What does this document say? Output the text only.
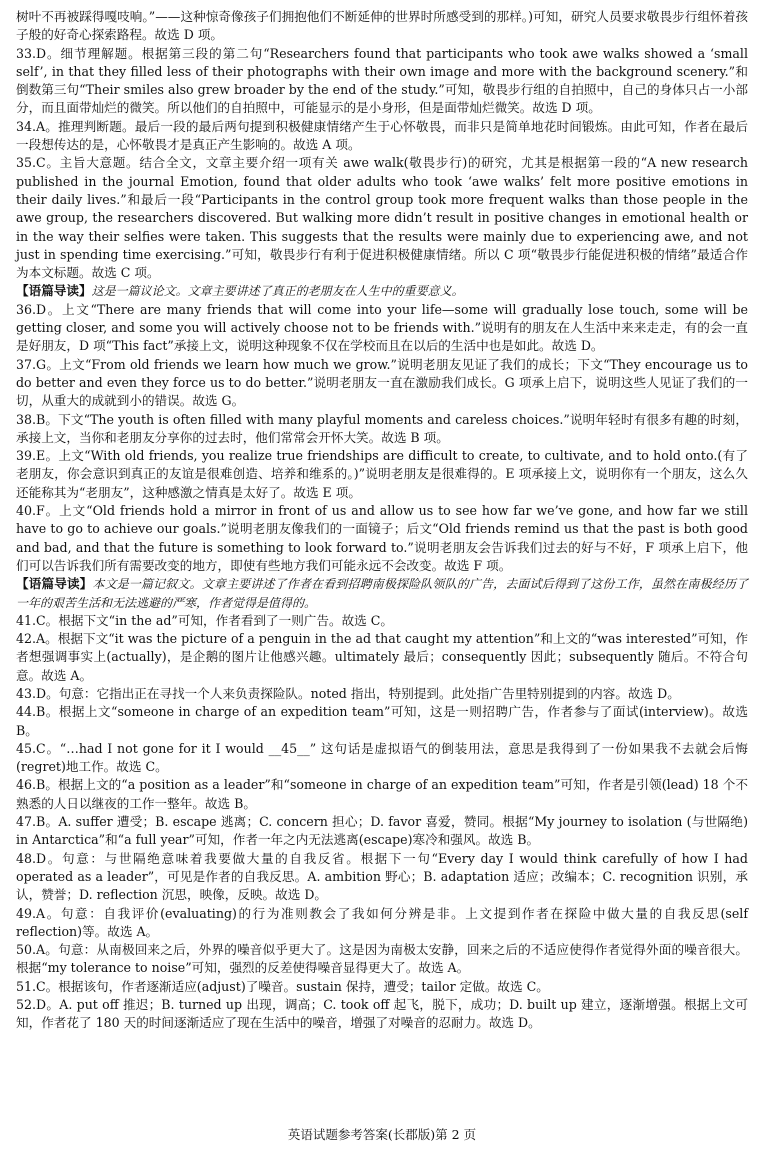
树叶不再被踩得嘎吱响。”——这种惊奇像孩子们拥抱他们不断延伸的世界时所感受到的那样。)可知，研究人员要求敬畏步行组怀着孩子般的好奇心探索路程。故选 D 项。

33.D。细节理解题。根据第三段的第二句“Researchers found that participants who took awe walks showed a ‘small self’, in that they filled less of their photographs with their own image and more with the background scenery.”和倒数第三句“Their smiles also grew broader by the end of the study.”可知，敬畏步行组的自拍照中，自己的身体只占一小部分，而且面带灿烂的微笑。所以他们的自拍照中，可能显示的是小身形，但是面带灿烂微笑。故选 D 项。

34.A。推理判断题。最后一段的最后两句提到积极健康情绪产生于心怀敬畏，而非只是简单地花时间锻炼。由此可知，作者在最后一段想传达的是，心怀敬畏才是真正产生影响的。故选 A 项。

35.C。主旨大意题。结合全文，文章主要介绍一项有关 awe walk(敬畏步行)的研究，尤其是根据第一段的“A new research published in the journal Emotion, found that older adults who took ‘awe walks’ felt more positive emotions in their daily lives.”和最后一段“Participants in the control group took more frequent walks than those people in the awe group, the researchers discovered. But walking more didn’t result in positive changes in emotional health or in the way their selfies were taken. This suggests that the results were mainly due to experiencing awe, and not just in spending time exercising.”可知，敬畏步行有利于促进积极健康情绪。所以 C 项“敬畏步行能促进积极的情绪”最适合作为本文标题。故选 C 项。

【语篇导读】这是一篇议论文。文章主要讲述了真正的老朋友在人生中的重要意义。

36.D。上文“There are many friends that will come into your life—some will gradually lose touch, some will be getting closer, and some you will actively choose not to be friends with.”说明有的朋友在人生活中来来走走，有的会一直是好朋友，D 项“This fact”承接上文，说明这种现象不仅在学校而且在以后的生活中也是如此。故选 D。

37.G。上文“From old friends we learn how much we grow.”说明老朋友见证了我们的成长；下文“They encourage us to do better and even they force us to do better.”说明老朋友一直在激励我们成长。G 项承上启下，说明这些人见证了我们的一切，从重大的成就到小的错误。故选 G。

38.B。下文“The youth is often filled with many playful moments and careless choices.”说明年轻时有很多有趣的时刻，承接上文，当你和老朋友分享你的过去时，他们常常会开怀大笑。故选 B 项。

39.E。上文“With old friends, you realize true friendships are difficult to create, to cultivate, and to hold onto.(有了老朋友，你会意识到真正的友谊是很难创造、培养和维系的。)”说明老朋友是很难得的。E 项承接上文，说明你有一个朋友，这么久还能称其为“老朋友”，这种感激之情真是太好了。故选 E 项。

40.F。上文“Old friends hold a mirror in front of us and allow us to see how far we’ve gone, and how far we still have to go to achieve our goals.”说明老朋友像我们的一面镜子；后文“Old friends remind us that the past is both good and bad, and that the future is something to look forward to.”说明老朋友会告诉我们过去的好与不好，F 项承上启下，他们可以告诉我们所有需要改变的地方，即使有些地方我们可能永远不会改变。故选 F 项。

【语篇导读】本文是一篇记叙文。文章主要讲述了作者在看到招聘南极探险队领队的广告，去面试后得到了这份工作，虽然在南极经历了一年的艰苦生活和无法逃避的严寒，作者觉得是值得的。

41.C。根据下文“in the ad”可知，作者看到了一则广告。故选 C。

42.A。根据下文“it was the picture of a penguin in the ad that caught my attention”和上文的“was interested”可知，作者想强调事实上(actually)，是企鹅的图片让他感兴趣。ultimately 最后；consequently 因此；subsequently 随后。不符合句意。故选 A。

43.D。句意：它指出正在寻找一个人来负责探险队。noted 指出，特别提到。此处指广告里特别提到的内容。故选 D。

44.B。根据上文“someone in charge of an expedition team”可知，这是一则招聘广告，作者参与了面试(interview)。故选 B。

45.C。“…had I not gone for it I would __45__” 这句话是虚拟语气的倒装用法，意思是我得到了一份如果我不去就会后悔(regret)地工作。故选 C。

46.B。根据上文的“a position as a leader”和“someone in charge of an expedition team”可知，作者是引领(lead) 18 个不熟悉的人日以继夜的工作一整年。故选 B。

47.B。A. suffer 遭受；B. escape 逃离；C. concern 担心；D. favor 喜爱，赞同。根据“My journey to isolation (与世隔绝) in Antarctica”和“a full year”可知，作者一年之内无法逃离(escape)寒冷和强风。故选 B。

48.D。句意：与世隔绝意味着我要做大量的自我反省。根据下一句“Every day I would think carefully of how I had operated as a leader”，可见是作者的自我反思。A. ambition 野心；B. adaptation 适应；改编本；C. recognition 识别，承认，赞誉；D. reflection 沉思，映像，反映。故选 D。

49.A。句意：自我评价(evaluating)的行为准则教会了我如何分辨是非。上文提到作者在探险中做大量的自我反思(self reflection)等。故选 A。

50.A。句意：从南极回来之后，外界的噪音似乎更大了。这是因为南极太安静，回来之后的不适应使得作者觉得外面的噪音很大。根据“my tolerance to noise”可知，强烈的反差使得噪音显得更大了。故选 A。

51.C。根据该句，作者逐渐适应(adjust)了噪音。sustain 保持，遭受；tailor 定做。故选 C。

52.D。A. put off 推迟；B. turned up 出现，调高；C. took off 起飞，脱下，成功；D. built up 建立，逐渐增强。根据上文可知，作者花了 180 天的时间逐渐适应了现在生活中的噪音，增强了对噪音的忍耐力。故选 D。

英语试题参考答案(长郡版)第 2 页
